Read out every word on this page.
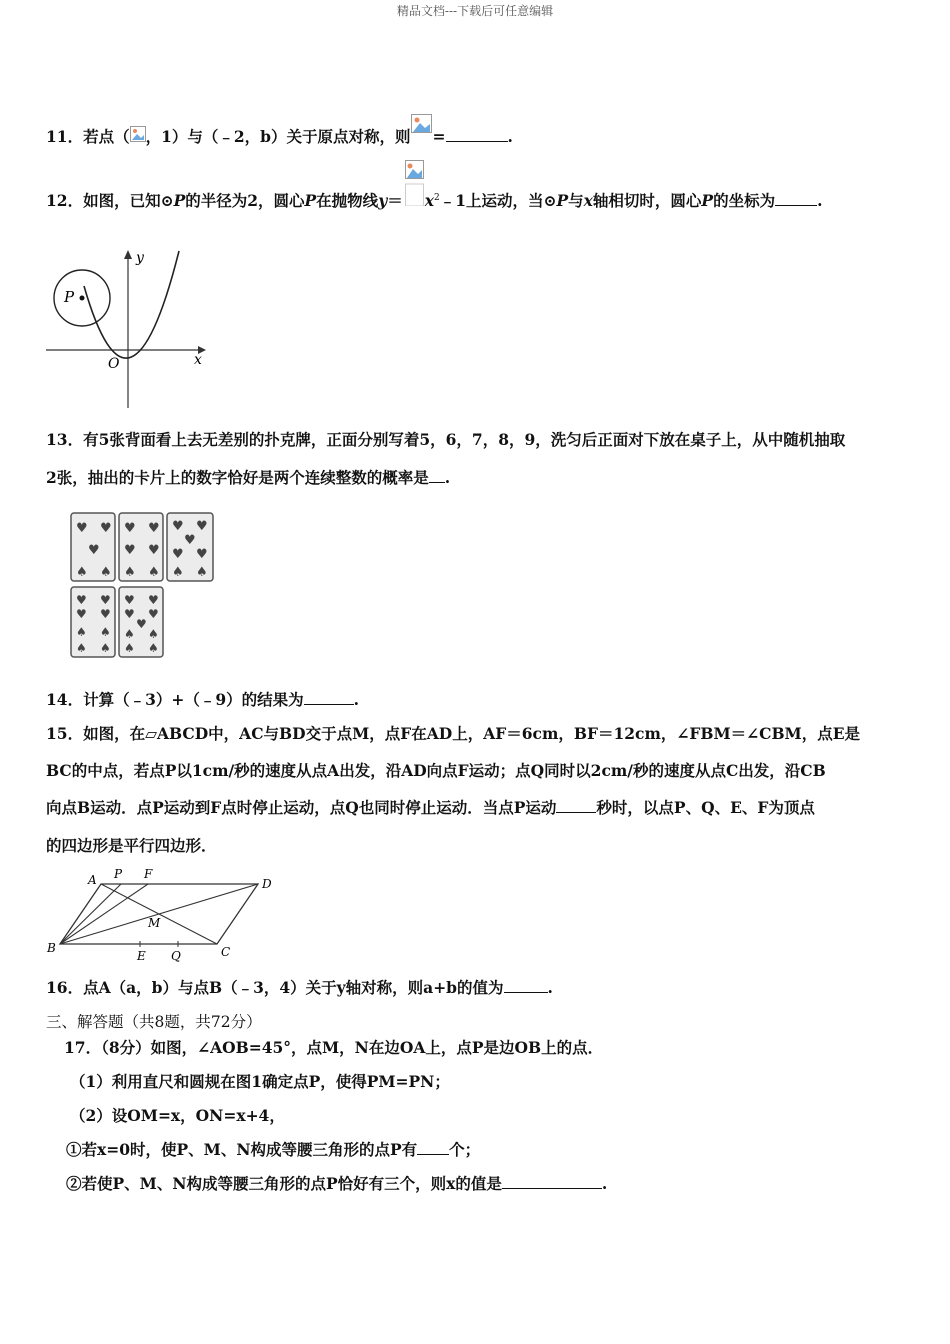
精品文档---下载后可任意编辑
11．若点（ ，1）与（﹣2，b）关于原点对称，则 =	.
12．如图，已知⊙P的半径为2，圆心P在抛物线$y= x^2﹣1$上运动，当⊙P与x轴相切时，圆心P的坐标为	.
y
x
O
P
13．有5张背面看上去无差别的扑克牌，正面分别写着5，6，7，8，9，洗匀后正面对下放在桌子上，从中随机抽取
2张，抽出的卡片上的数字恰好是两个连续整数的概率是 .
♥ ♥
♥
♠ ♠
♥ ♥
♥ ♥
♠ ♠
♥ ♥
♥
♥ ♥
♠ ♠
♥ ♥
♥ ♥
♠ ♠
♠ ♠
♥ ♥
♥ ♥
♥
♠ ♠
♠ ♠
14．计算（﹣3）+（﹣9）的结果为	.
15．如图，在▱ABCD中，AC与BD交于点M，点F在AD上，AF＝6cm，BF＝12cm，∠FBM＝∠CBM，点E是
BC的中点，若点P以1cm/秒的速度从点A出发，沿AD向点F运动；点Q同时以2cm/秒的速度从点C出发，沿CB
向点B运动．点P运动到F点时停止运动，点Q也同时停止运动．当点P运动	秒时，以点P、Q、E、F为顶点
的四边形是平行四边形．
A P F
D
M
B
E Q	C
16．点A（a，b）与点B（﹣3，4）关于y轴对称，则a+b的值为	.
三、解答题（共8题，共72分）
17．（8分）如图，∠AOB=45°，点M，N在边OA上，点P是边OB上的点．
（1）利用直尺和圆规在图1确定点P，使得PM=PN；
（2）设OM=x，ON=x+4，
①若x=0时，使P、M、N构成等腰三角形的点P有 个；
②若使P、M、N构成等腰三角形的点P恰好有三个，则x的值是	.
